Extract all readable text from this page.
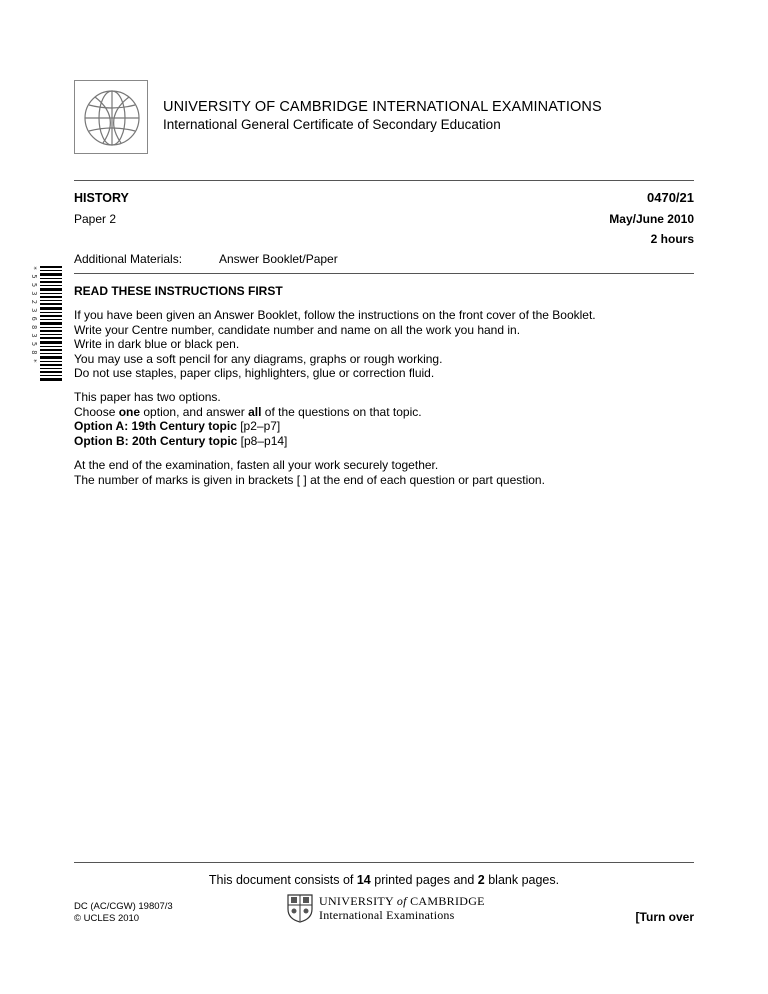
UNIVERSITY OF CAMBRIDGE INTERNATIONAL EXAMINATIONS
International General Certificate of Secondary Education
HISTORY	0470/21
Paper 2	May/June 2010
2 hours
Additional Materials:	Answer Booklet/Paper
* 5 5 3 2 3 6 8 3 5 8 *	READ THESE INSTRUCTIONS FIRST
If you have been given an Answer Booklet, follow the instructions on the front cover of the Booklet.
Write your Centre number, candidate number and name on all the work you hand in.
Write in dark blue or black pen.
You may use a soft pencil for any diagrams, graphs or rough working.
Do not use staples, paper clips, highlighters, glue or correction fluid.
This paper has two options.
Choose one option, and answer all of the questions on that topic.
Option A: 19th Century topic [p2–p7]
Option B: 20th Century topic [p8–p14]
At the end of the examination, fasten all your work securely together.
The number of marks is given in brackets [ ] at the end of each question or part question.
This document consists of 14 printed pages and 2 blank pages.
DC (AC/CGW) 19807/3
© UCLES 2010
UNIVERSITY of CAMBRIDGE
International Examinations	[Turn over
